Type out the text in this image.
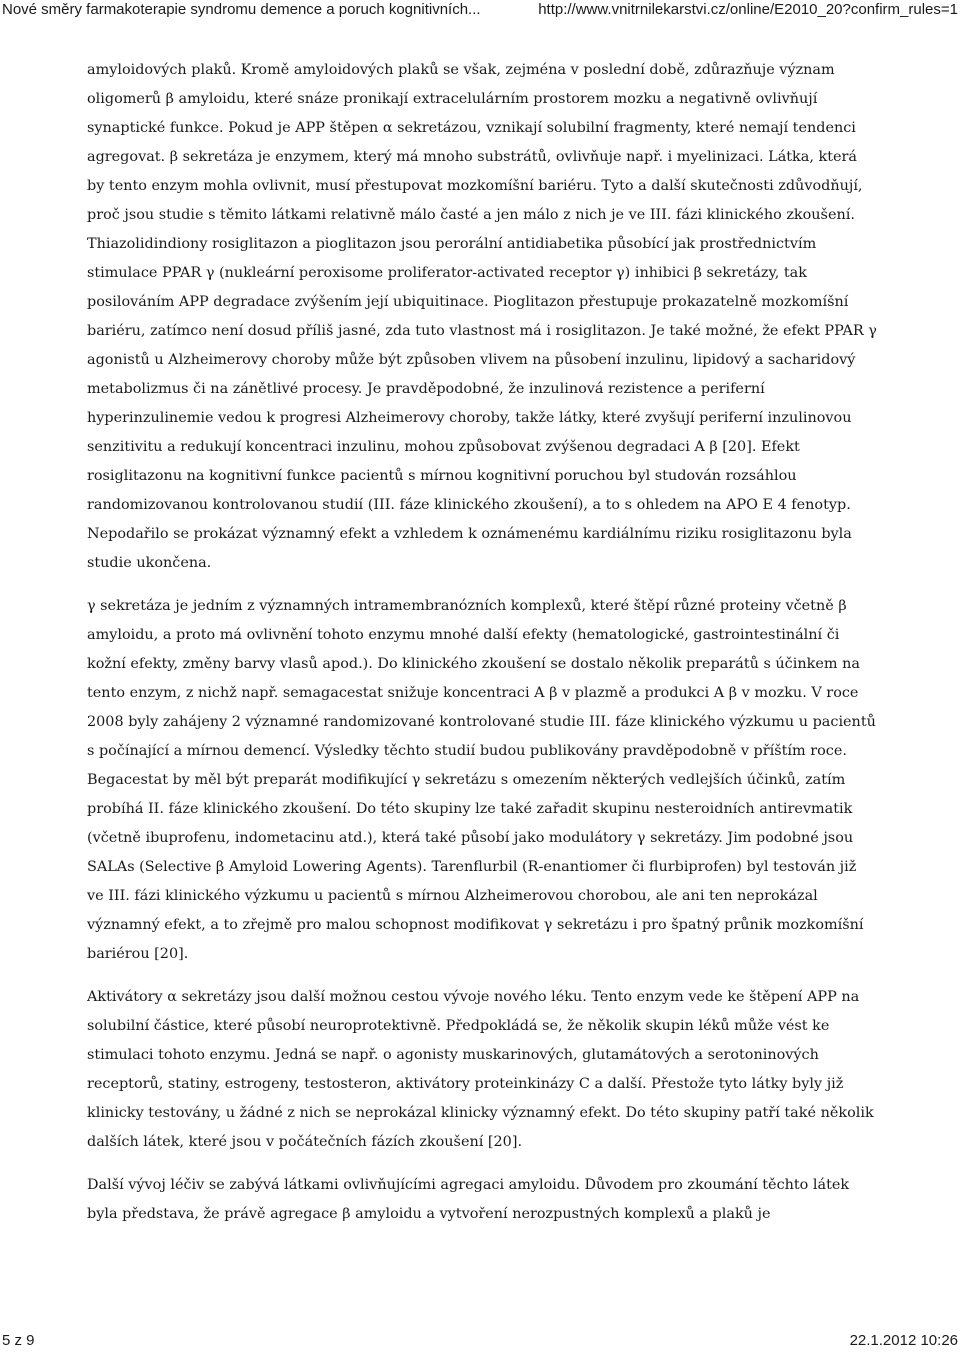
Nové směry farmakoterapie syndromu demence a poruch kognitivních...	http://www.vnitrnilekarstvi.cz/online/E2010_20?confirm_rules=1

amyloidových plaků. Kromě amyloidových plaků se však, zejména v poslední době, zdůrazňuje význam oligomerů β amyloidu, které snáze pronikají extracelulárním prostorem mozku a negativně ovlivňují synaptické funkce. Pokud je APP štěpen α sekretázou, vznikají solubilní fragmenty, které nemají tendenci agregovat. β sekretáza je enzymem, který má mnoho substrátů, ovlivňuje např. i myelinizaci. Látka, která by tento enzym mohla ovlivnit, musí přestupovat mozkomíšní bariéru. Tyto a další skutečnosti zdůvodňují, proč jsou studie s těmito látkami relativně málo časté a jen málo z nich je ve III. fázi klinického zkoušení. Thiazolidindiony rosiglitazon a pioglitazon jsou perorální antidiabetika působící jak prostřednictvím stimulace PPAR γ (nukleární peroxisome proliferator-activated receptor γ) inhibici β sekretázy, tak posilováním APP degradace zvýšením její ubiquitinace. Pioglitazon přestupuje prokazatelně mozkomíšní bariéru, zatímco není dosud příliš jasné, zda tuto vlastnost má i rosiglitazon. Je také možné, že efekt PPAR γ agonistů u Alzheimerovy choroby může být způsoben vlivem na působení inzulinu, lipidový a sacharidový metabolizmus či na zánětlivé procesy. Je pravděpodobné, že inzulinová rezistence a periferní hyperinzulinemie vedou k progresi Alzheimerovy choroby, takže látky, které zvyšují periferní inzulinovou senzitivitu a redukují koncentraci inzulinu, mohou způsobovat zvýšenou degradaci A β [20]. Efekt rosiglitazonu na kognitivní funkce pacientů s mírnou kognitivní poruchou byl studován rozsáhlou randomizovanou kontrolovanou studií (III. fáze klinického zkoušení), a to s ohledem na APO E 4 fenotyp. Nepodařilo se prokázat významný efekt a vzhledem k oznámenému kardiálnímu riziku rosiglitazonu byla studie ukončena.

γ sekretáza je jedním z významných intramembranózních komplexů, které štěpí různé proteiny včetně β amyloidu, a proto má ovlivnění tohoto enzymu mnohé další efekty (hematologické, gastrointestinální či kožní efekty, změny barvy vlasů apod.). Do klinického zkoušení se dostalo několik preparátů s účinkem na tento enzym, z nichž např. semagacestat snižuje koncentraci A β v plazmě a produkci A β v mozku. V roce 2008 byly zahájeny 2 významné randomizované kontrolované studie III. fáze klinického výzkumu u pacientů s počínající a mírnou demencí. Výsledky těchto studií budou publikovány pravděpodobně v příštím roce. Begacestat by měl být preparát modifikující γ sekretázu s omezením některých vedlejších účinků, zatím probíhá II. fáze klinického zkoušení. Do této skupiny lze také zařadit skupinu nesteroidních antirevmatik (včetně ibuprofenu, indometacinu atd.), která také působí jako modulátory γ sekretázy. Jim podobné jsou SALAs (Selective β Amyloid Lowering Agents). Tarenflurbil (R-enantiomer či flurbiprofen) byl testován již ve III. fázi klinického výzkumu u pacientů s mírnou Alzheimerovou chorobou, ale ani ten neprokázal významný efekt, a to zřejmě pro malou schopnost modifikovat γ sekretázu i pro špatný průnik mozkomíšní bariérou [20].

Aktivátory α sekretázy jsou další možnou cestou vývoje nového léku. Tento enzym vede ke štěpení APP na solubilní částice, které působí neuroprotektivně. Předpokládá se, že několik skupin léků může vést ke stimulaci tohoto enzymu. Jedná se např. o agonisty muskarinových, glutamátových a serotoninových receptorů, statiny, estrogeny, testosteron, aktivátory proteinkinázy C a další. Přestože tyto látky byly již klinicky testovány, u žádné z nich se neprokázal klinicky významný efekt. Do této skupiny patří také několik dalších látek, které jsou v počátečních fázích zkoušení [20].

Další vývoj léčiv se zabývá látkami ovlivňujícími agregaci amyloidu. Důvodem pro zkoumání těchto látek byla představa, že právě agregace β amyloidu a vytvoření nerozpustných komplexů a plaků je

5 z 9	22.1.2012 10:26
